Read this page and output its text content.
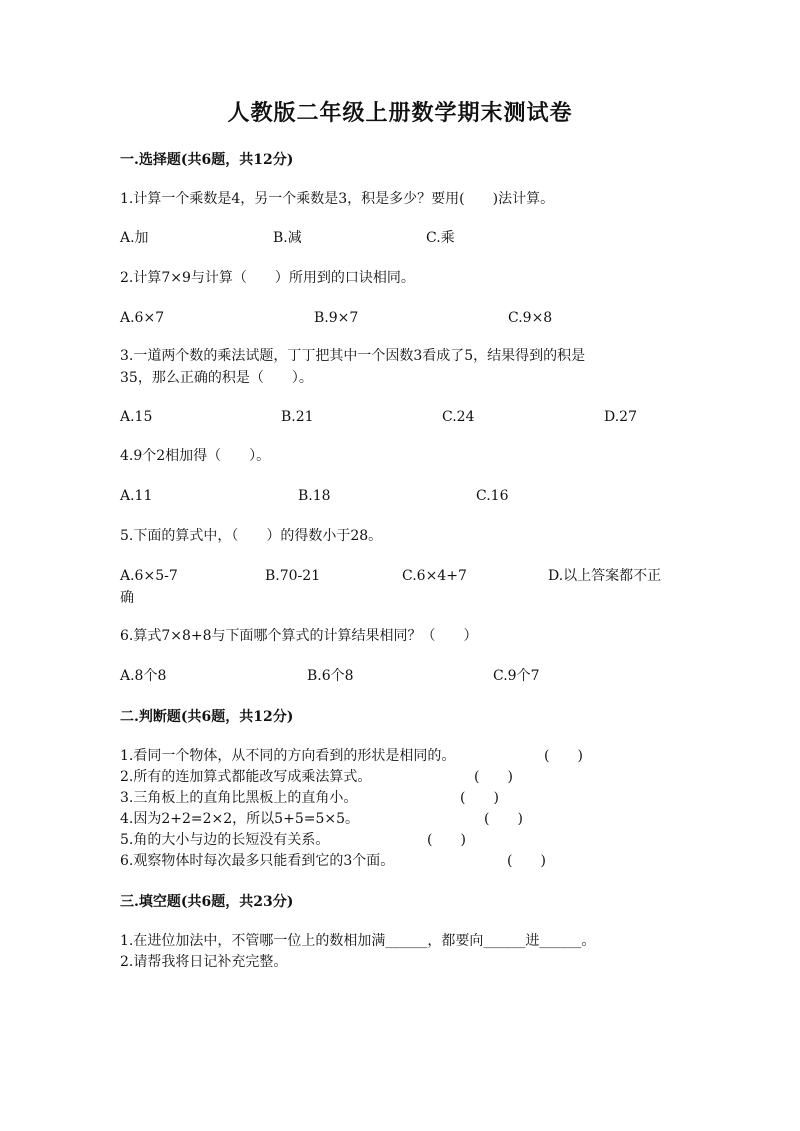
人教版二年级上册数学期末测试卷
一.选择题(共6题，共12分)
1.计算一个乘数是4，另一个乘数是3，积是多少？要用(　　)法计算。
A.加	B.减	C.乘
2.计算7×9与计算（　　）所用到的口诀相同。
A.6×7	B.9×7	C.9×8
3.一道两个数的乘法试题，丁丁把其中一个因数3看成了5，结果得到的积是
35，那么正确的积是（　　）。
A.15	B.21	C.24	D.27
4.9个2相加得（　　）。
A.11	B.18	C.16
5.下面的算式中，（　　）的得数小于28。
A.6×5-7	B.70-21	C.6×4+7	D.以上答案都不正
确
6.算式7×8+8与下面哪个算式的计算结果相同？（　　）
A.8个8	B.6个8	C.9个7
二.判断题(共6题，共12分)
1.看同一个物体，从不同的方向看到的形状是相同的。	(　　)
2.所有的连加算式都能改写成乘法算式。	(　　)
3.三角板上的直角比黑板上的直角小。	(　　)
4.因为2+2=2×2，所以5+5=5×5。	(　　)
5.角的大小与边的长短没有关系。	(　　)
6.观察物体时每次最多只能看到它的3个面。	(　　)
三.填空题(共6题，共23分)
1.在进位加法中，不管哪一位上的数相加满______，都要向______进______。
2.请帮我将日记补充完整。
